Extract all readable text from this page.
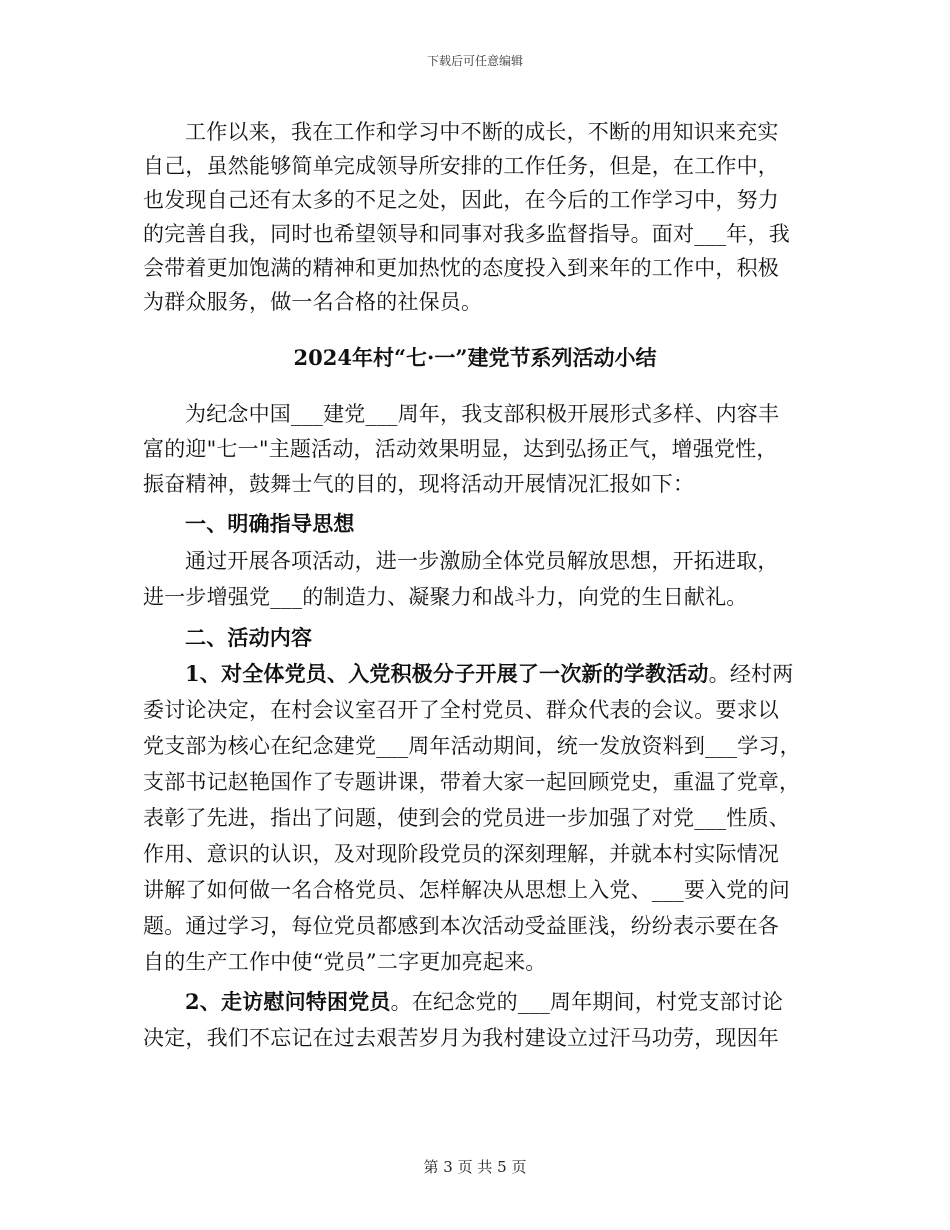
下载后可任意编辑
工作以来，我在工作和学习中不断的成长，不断的用知识来充实
自己，虽然能够简单完成领导所安排的工作任务，但是，在工作中，
也发现自己还有太多的不足之处，因此，在今后的工作学习中，努力
的完善自我，同时也希望领导和同事对我多监督指导。面对___年，我
会带着更加饱满的精神和更加热忱的态度投入到来年的工作中，积极
为群众服务，做一名合格的社保员。
2024年村“七·一”建党节系列活动小结
为纪念中国___建党___周年，我支部积极开展形式多样、内容丰
富的迎"七一"主题活动，活动效果明显，达到弘扬正气，增强党性，
振奋精神，鼓舞士气的目的，现将活动开展情况汇报如下：
一、明确指导思想
通过开展各项活动，进一步激励全体党员解放思想，开拓进取，
进一步增强党___的制造力、凝聚力和战斗力，向党的生日献礼。
二、活动内容
1、对全体党员、入党积极分子开展了一次新的学教活动。经村两
委讨论决定，在村会议室召开了全村党员、群众代表的会议。要求以
党支部为核心在纪念建党___周年活动期间，统一发放资料到___学习，
支部书记赵艳国作了专题讲课，带着大家一起回顾党史，重温了党章，
表彰了先进，指出了问题，使到会的党员进一步加强了对党___性质、
作用、意识的认识，及对现阶段党员的深刻理解，并就本村实际情况
讲解了如何做一名合格党员、怎样解决从思想上入党、___要入党的问
题。通过学习，每位党员都感到本次活动受益匪浅，纷纷表示要在各
自的生产工作中使“党员”二字更加亮起来。
2、走访慰问特困党员。在纪念党的___周年期间，村党支部讨论
决定，我们不忘记在过去艰苦岁月为我村建设立过汗马功劳，现因年
第 3 页 共 5 页
